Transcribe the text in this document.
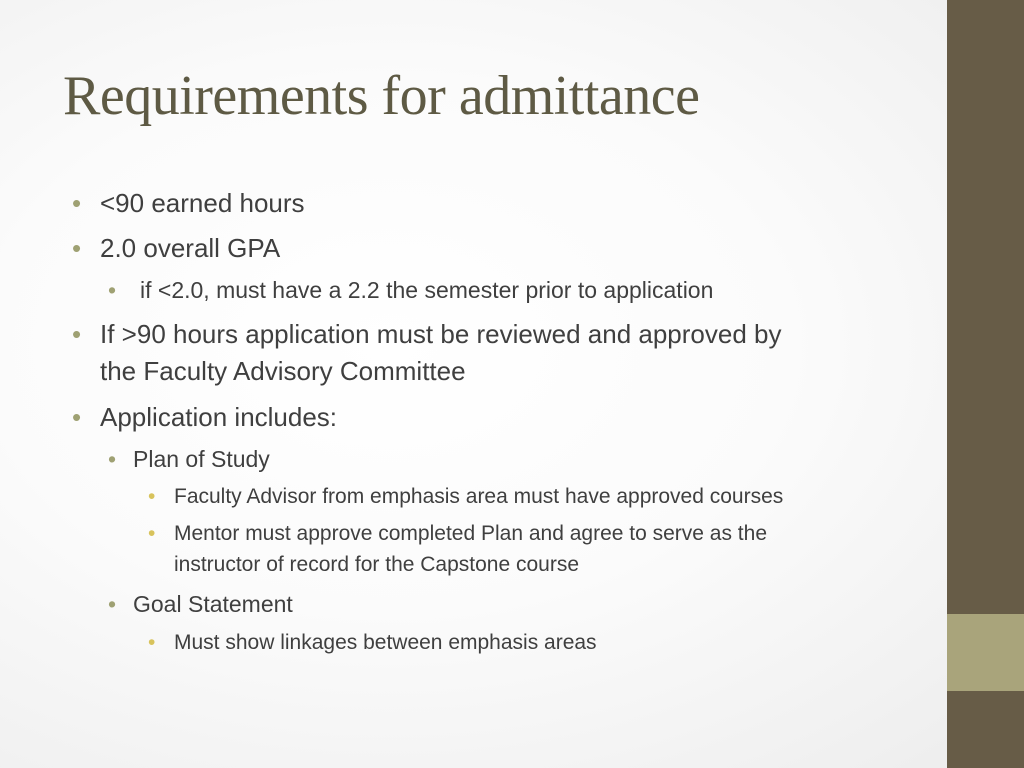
Requirements for admittance
• <90 earned hours

• 2.0 overall GPA

• if <2.0, must have a 2.2 the semester prior to application

• If >90 hours application must be reviewed and approved by

the Faculty Advisory Committee

• Application includes:

• Plan of Study

• Faculty Advisor from emphasis area must have approved courses

• Mentor must approve completed Plan and agree to serve as the

instructor of record for the Capstone course

• Goal Statement

• Must show linkages between emphasis areas
